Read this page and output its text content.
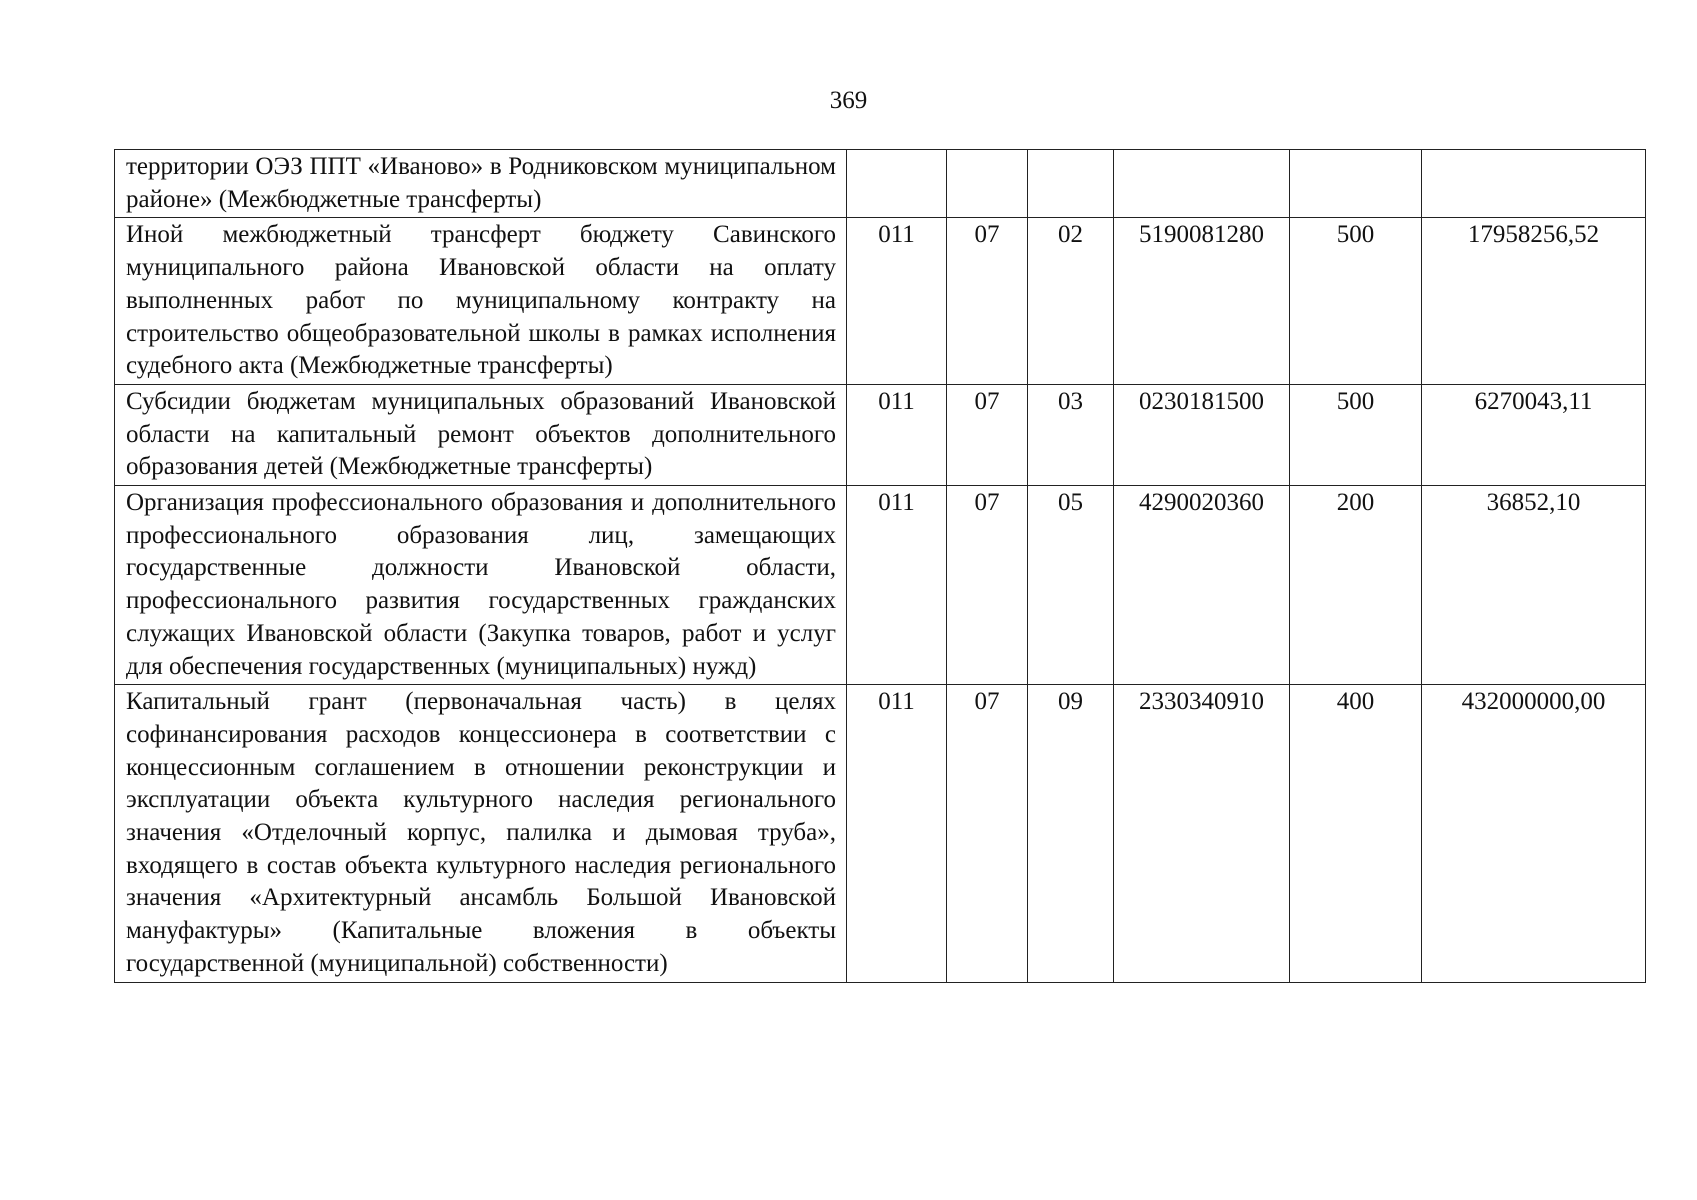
369
территории ОЭЗ ППТ «Иваново» в Родниковском муниципальном районе» (Межбюджетные трансферты)						
Иной межбюджетный трансферт бюджету Савинского муниципального района Ивановской области на оплату выполненных работ по муниципальному контракту на строительство общеобразовательной школы в рамках исполнения судебного акта (Межбюджетные трансферты)	011	07	02	5190081280	500	17958256,52
Субсидии бюджетам муниципальных образований Ивановской области на капитальный ремонт объектов дополнительного образования детей (Межбюджетные трансферты)	011	07	03	0230181500	500	6270043,11
Организация профессионального образования и дополнительного профессионального образования лиц, замещающих государственные должности Ивановской области, профессионального развития государственных гражданских служащих Ивановской области (Закупка товаров, работ и услуг для обеспечения государственных (муниципальных) нужд)	011	07	05	4290020360	200	36852,10
Капитальный грант (первоначальная часть) в целях софинансирования расходов концессионера в соответствии с концессионным соглашением в отношении реконструкции и эксплуатации объекта культурного наследия регионального значения «Отделочный корпус, палилка и дымовая труба», входящего в состав объекта культурного наследия регионального значения «Архитектурный ансамбль Большой Ивановской мануфактуры» (Капитальные вложения в объекты государственной (муниципальной) собственности)	011	07	09	2330340910	400	432000000,00
